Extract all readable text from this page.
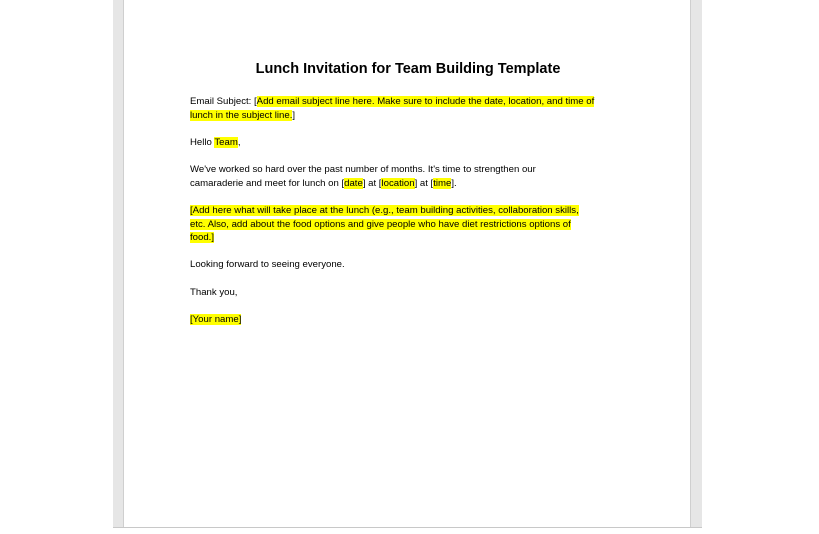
Lunch Invitation for Team Building Template
Email Subject: [Add email subject line here. Make sure to include the date, location, and time of
lunch in the subject line.]
Hello Team,
We've worked so hard over the past number of months. It's time to strengthen our
camaraderie and meet for lunch on [date] at [location] at [time].
[Add here what will take place at the lunch (e.g., team building activities, collaboration skills,
etc. Also, add about the food options and give people who have diet restrictions options of
food.]
Looking forward to seeing everyone.
Thank you,
[Your name]
